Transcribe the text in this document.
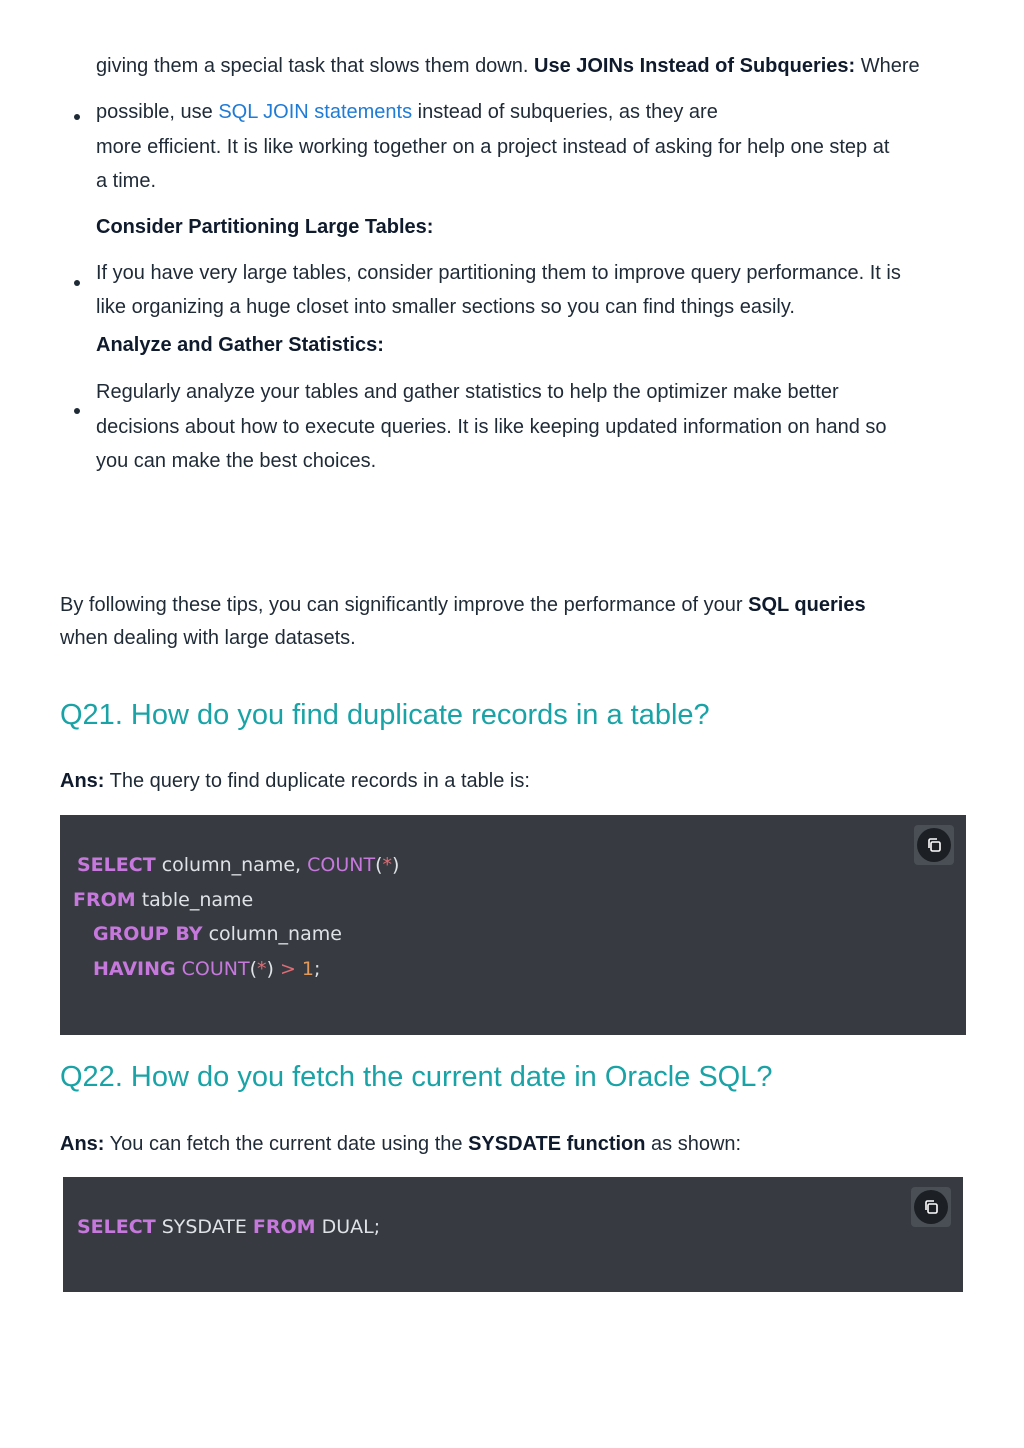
giving them a special task that slows them down. Use JOINs Instead of Subqueries: Where
possible, use SQL JOIN statements instead of subqueries, as they are
more efficient. It is like working together on a project instead of asking for help one step at
a time.
Consider Partitioning Large Tables:
If you have very large tables, consider partitioning them to improve query performance. It is
like organizing a huge closet into smaller sections so you can find things easily.
Analyze and Gather Statistics:
Regularly analyze your tables and gather statistics to help the optimizer make better
decisions about how to execute queries. It is like keeping updated information on hand so
you can make the best choices.
By following these tips, you can significantly improve the performance of your SQL queries
when dealing with large datasets.
Q21. How do you find duplicate records in a table?
Ans: The query to find duplicate records in a table is:
SELECT column_name, COUNT(*)
FROM table_name
GROUP BY column_name
HAVING COUNT(*) > 1;
Q22. How do you fetch the current date in Oracle SQL?
Ans: You can fetch the current date using the SYSDATE function as shown:
SELECT SYSDATE FROM DUAL;
